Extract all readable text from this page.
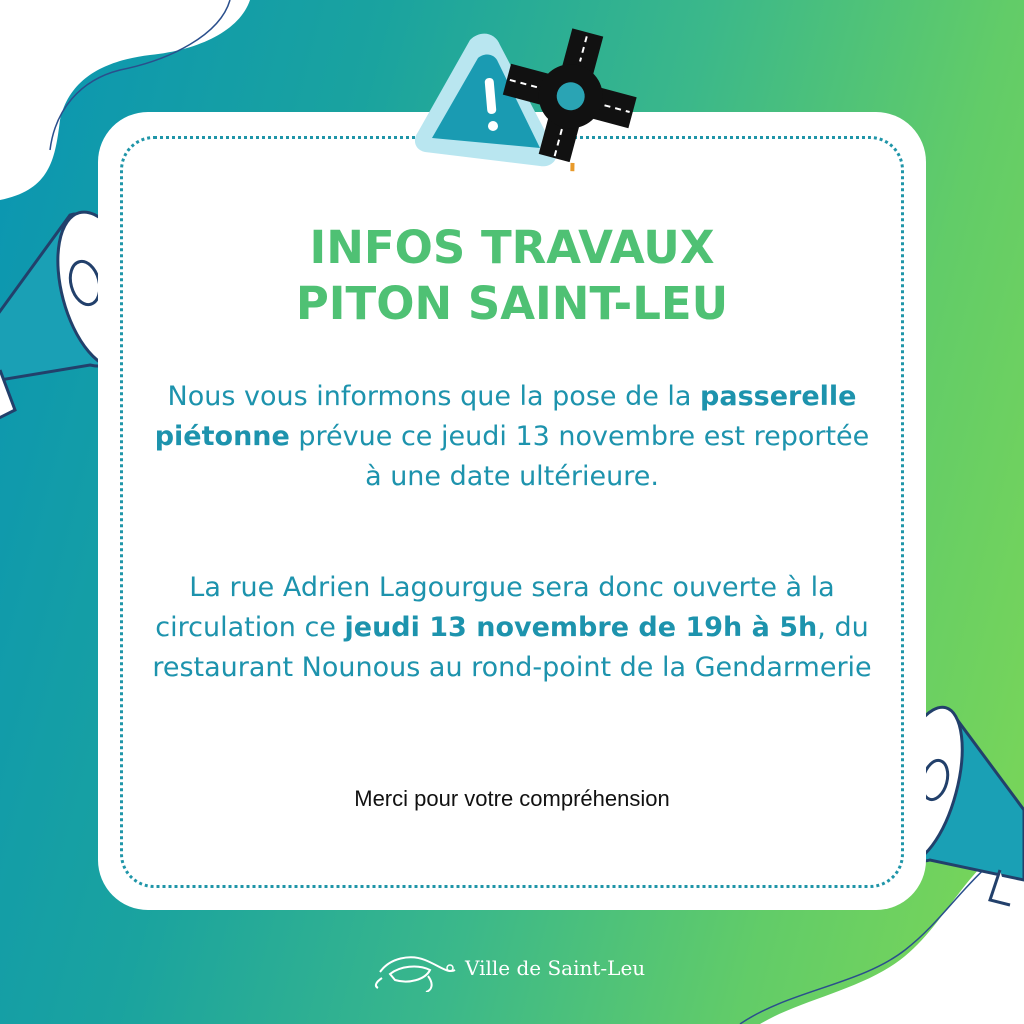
INFOS TRAVAUX
PITON SAINT-LEU
Nous vous informons que la pose de la passerelle piétonne prévue ce jeudi 13 novembre est reportée à une date ultérieure.
La rue Adrien Lagourgue sera donc ouverte à la circulation ce jeudi 13 novembre de 19h à 5h, du restaurant Nounous au rond-point de la Gendarmerie
Merci pour votre compréhension
Ville de Saint-Leu
